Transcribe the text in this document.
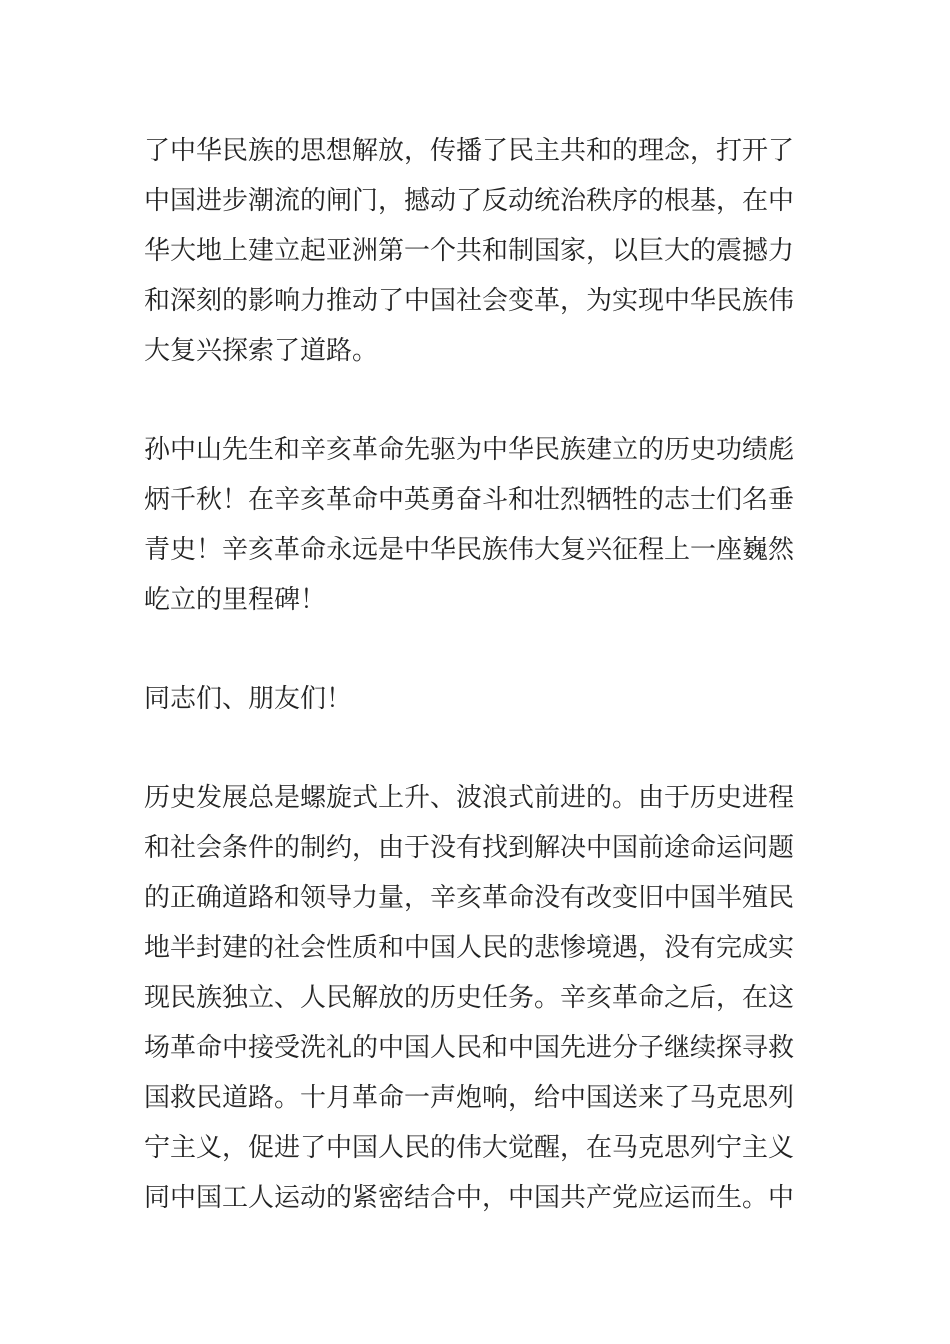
了中华民族的思想解放，传播了民主共和的理念，打开了
中国进步潮流的闸门，撼动了反动统治秩序的根基，在中
华大地上建立起亚洲第一个共和制国家，以巨大的震撼力
和深刻的影响力推动了中国社会变革，为实现中华民族伟
大复兴探索了道路。
孙中山先生和辛亥革命先驱为中华民族建立的历史功绩彪
炳千秋！在辛亥革命中英勇奋斗和壮烈牺牲的志士们名垂
青史！辛亥革命永远是中华民族伟大复兴征程上一座巍然
屹立的里程碑！
同志们、朋友们！
历史发展总是螺旋式上升、波浪式前进的。由于历史进程
和社会条件的制约，由于没有找到解决中国前途命运问题
的正确道路和领导力量，辛亥革命没有改变旧中国半殖民
地半封建的社会性质和中国人民的悲惨境遇，没有完成实
现民族独立、人民解放的历史任务。辛亥革命之后，在这
场革命中接受洗礼的中国人民和中国先进分子继续探寻救
国救民道路。十月革命一声炮响，给中国送来了马克思列
宁主义，促进了中国人民的伟大觉醒，在马克思列宁主义
同中国工人运动的紧密结合中，中国共产党应运而生。中
